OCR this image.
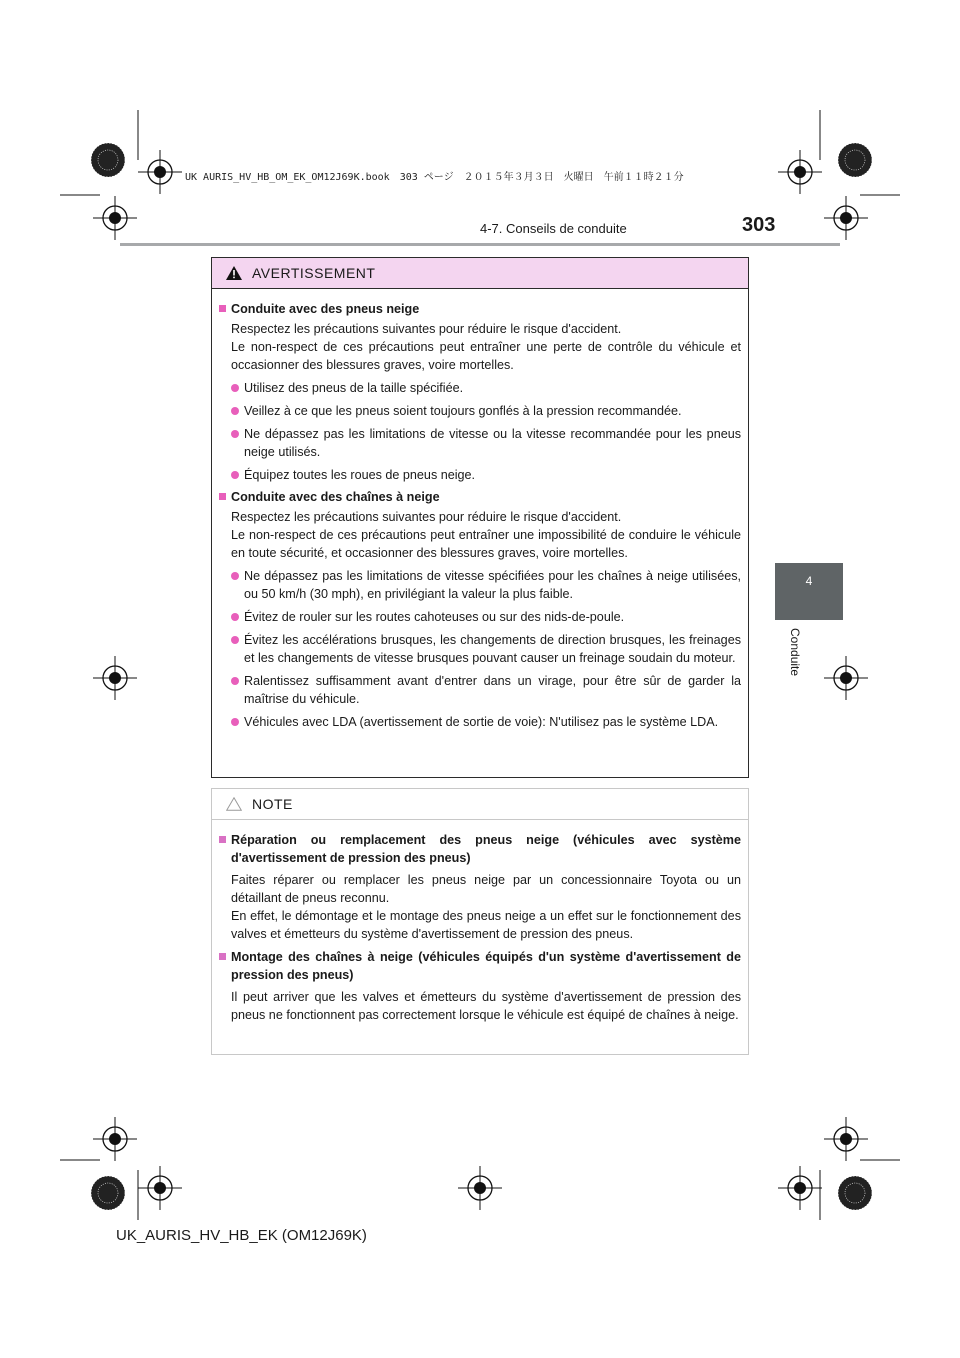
UK AURIS_HV_HB_OM_EK_OM12J69K.book　303 ページ　２０１５年３月３日　火曜日　午前１１時２１分
4-7. Conseils de conduite	303
4
Conduite
AVERTISSEMENT
Conduite avec des pneus neige
Respectez les précautions suivantes pour réduire le risque d'accident.
Le non-respect de ces précautions peut entraîner une perte de contrôle du véhicule et occasionner des blessures graves, voire mortelles.
Utilisez des pneus de la taille spécifiée.
Veillez à ce que les pneus soient toujours gonflés à la pression recommandée.
Ne dépassez pas les limitations de vitesse ou la vitesse recommandée pour les pneus neige utilisés.
Équipez toutes les roues de pneus neige.
Conduite avec des chaînes à neige
Respectez les précautions suivantes pour réduire le risque d'accident.
Le non-respect de ces précautions peut entraîner une impossibilité de conduire le véhicule en toute sécurité, et occasionner des blessures graves, voire mortelles.
Ne dépassez pas les limitations de vitesse spécifiées pour les chaînes à neige utilisées, ou 50 km/h (30 mph), en privilégiant la valeur la plus faible.
Évitez de rouler sur les routes cahoteuses ou sur des nids-de-poule.
Évitez les accélérations brusques, les changements de direction brusques, les freinages et les changements de vitesse brusques pouvant causer un freinage soudain du moteur.
Ralentissez suffisamment avant d'entrer dans un virage, pour être sûr de garder la maîtrise du véhicule.
Véhicules avec LDA (avertissement de sortie de voie): N'utilisez pas le système LDA.
NOTE
Réparation ou remplacement des pneus neige (véhicules avec système d'avertissement de pression des pneus)
Faites réparer ou remplacer les pneus neige par un concessionnaire Toyota ou un détaillant de pneus reconnu.
En effet, le démontage et le montage des pneus neige a un effet sur le fonctionnement des valves et émetteurs du système d'avertissement de pression des pneus.
Montage des chaînes à neige (véhicules équipés d'un système d'avertissement de pression des pneus)
Il peut arriver que les valves et émetteurs du système d'avertissement de pression des pneus ne fonctionnent pas correctement lorsque le véhicule est équipé de chaînes à neige.
UK_AURIS_HV_HB_EK (OM12J69K)
